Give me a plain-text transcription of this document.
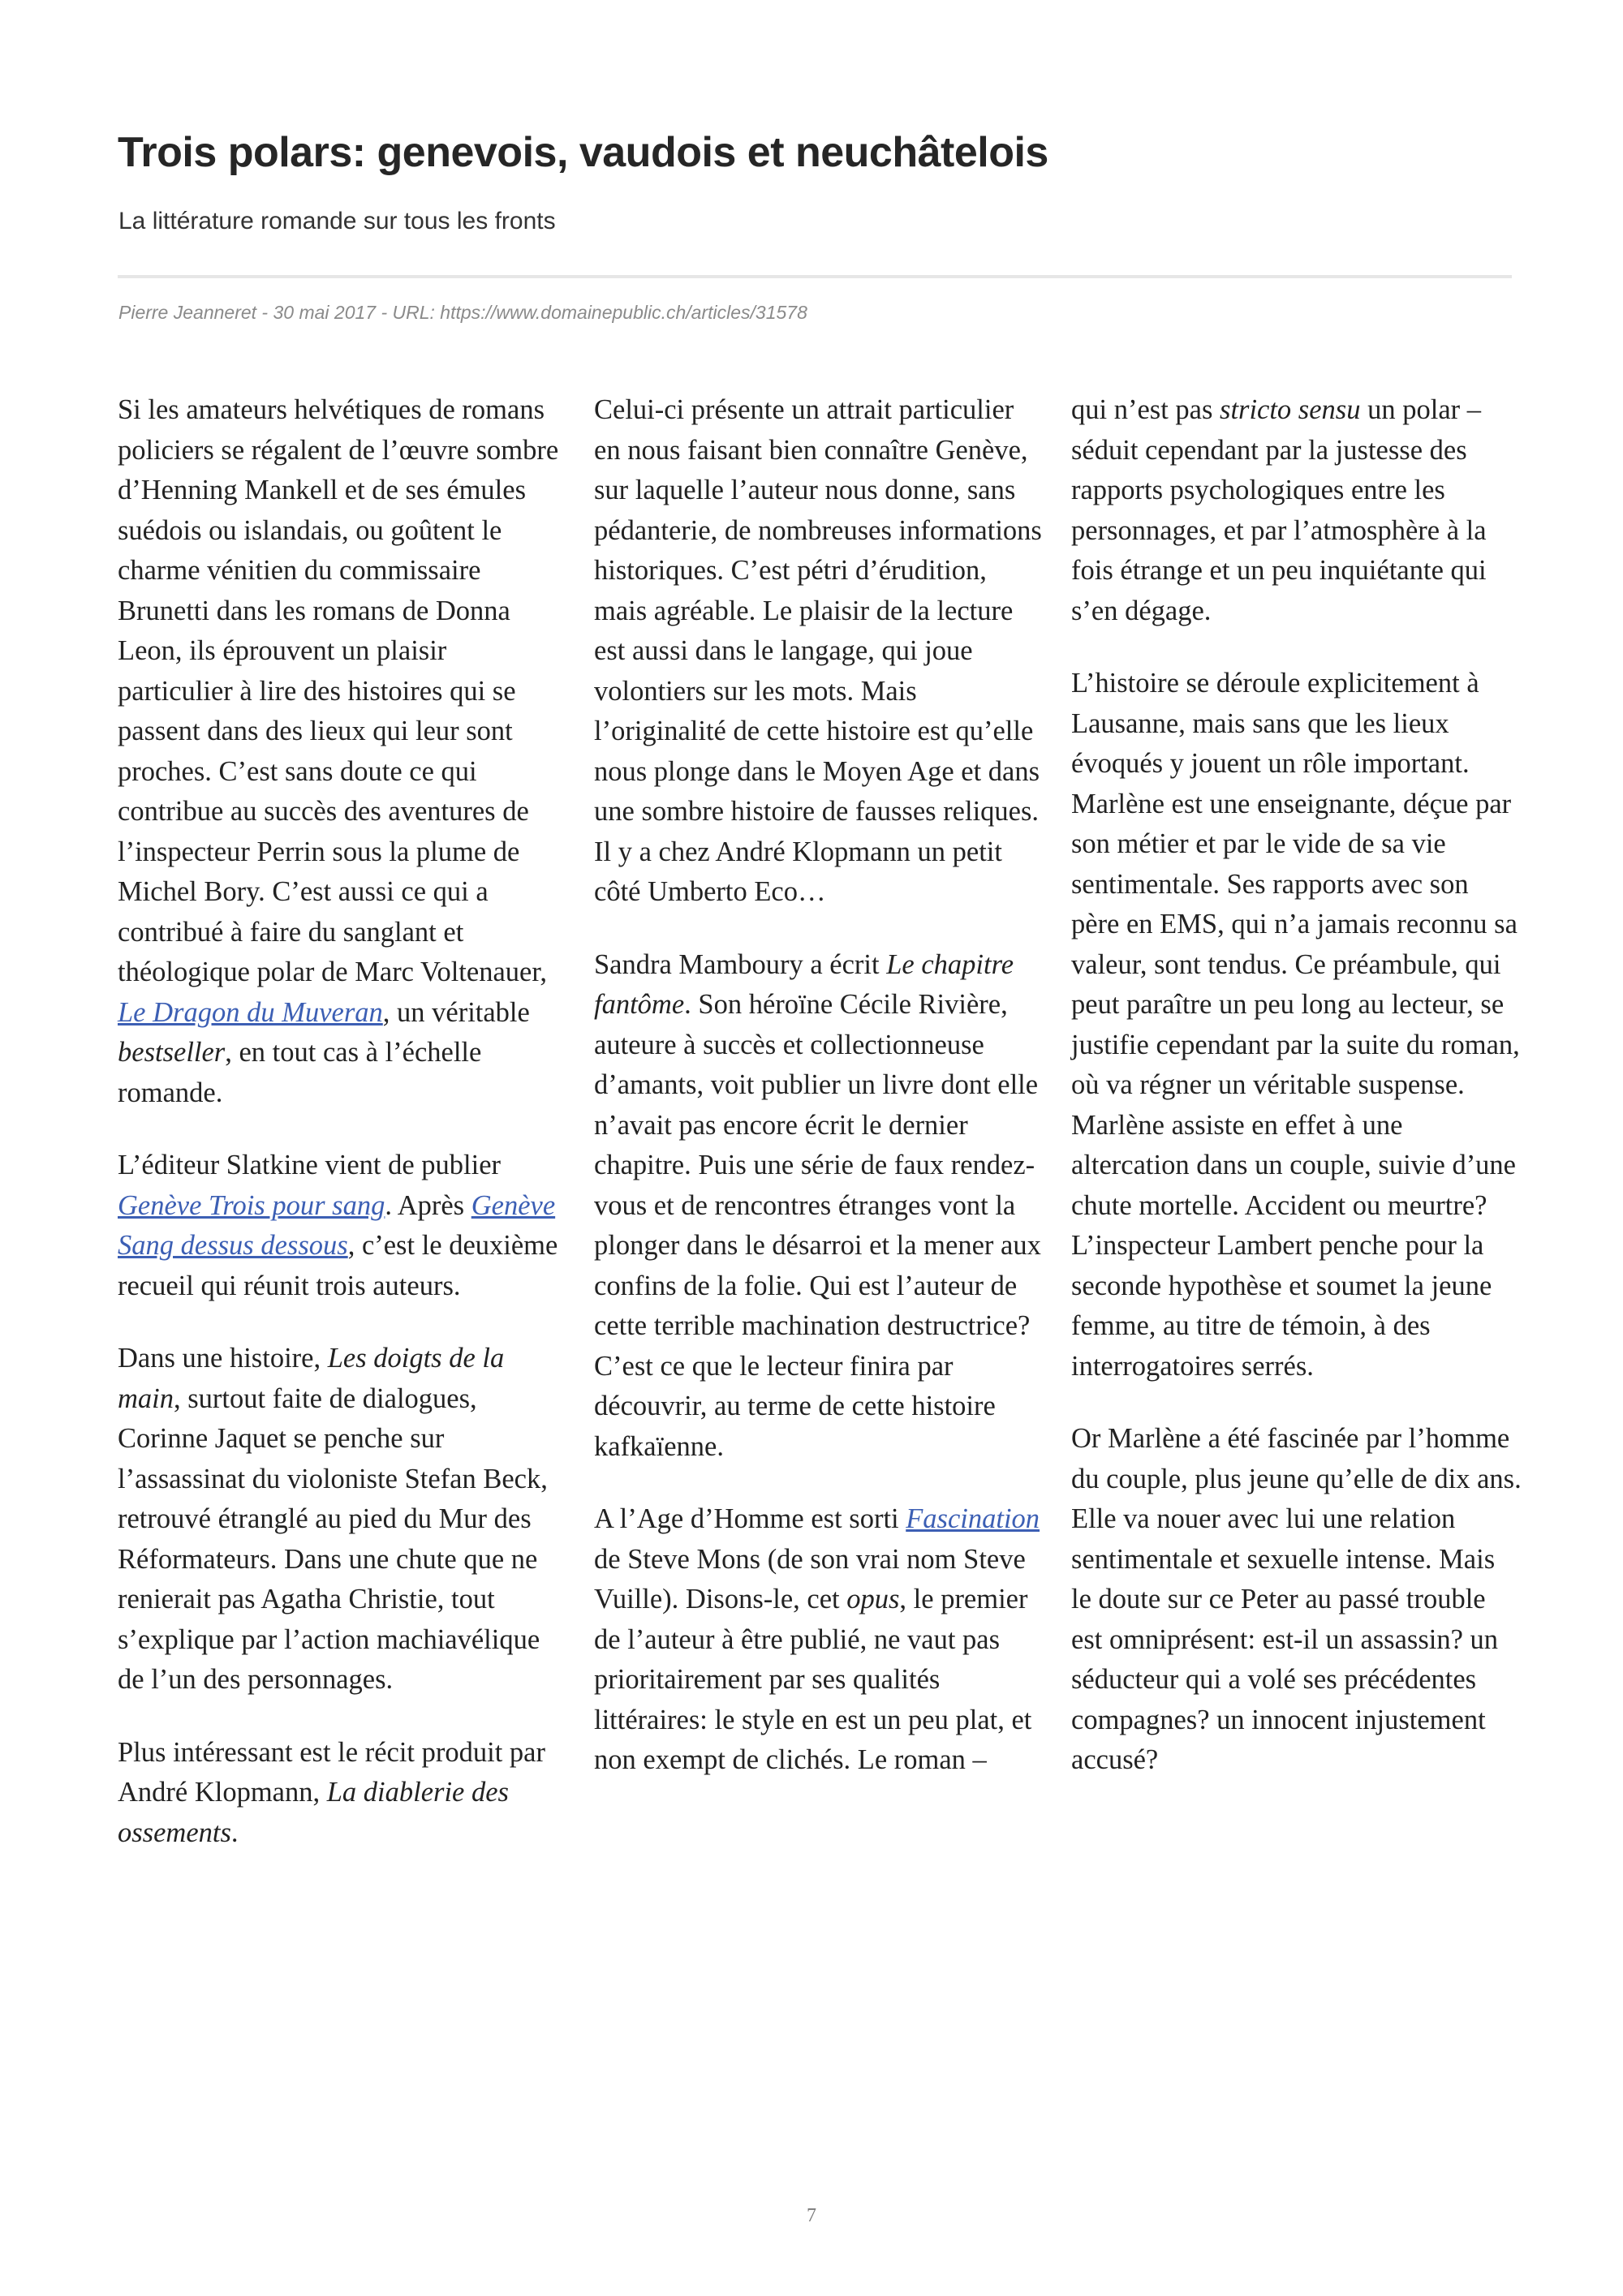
Trois polars: genevois, vaudois et neuchâtelois

La littérature romande sur tous les fronts

Pierre Jeanneret - 30 mai 2017 - URL: https://www.domainepublic.ch/articles/31578

Si les amateurs helvétiques de romans policiers se régalent de l’œuvre sombre d’Henning Mankell et de ses émules suédois ou islandais, ou goûtent le charme vénitien du commissaire Brunetti dans les romans de Donna Leon, ils éprouvent un plaisir particulier à lire des histoires qui se passent dans des lieux qui leur sont proches. C’est sans doute ce qui contribue au succès des aventures de l’inspecteur Perrin sous la plume de Michel Bory. C’est aussi ce qui a contribué à faire du sanglant et théologique polar de Marc Voltenauer, Le Dragon du Muveran, un véritable bestseller, en tout cas à l’échelle romande.

L’éditeur Slatkine vient de publier Genève Trois pour sang. Après Genève Sang dessus dessous, c’est le deuxième recueil qui réunit trois auteurs.

Dans une histoire, Les doigts de la main, surtout faite de dialogues, Corinne Jaquet se penche sur l’assassinat du violoniste Stefan Beck, retrouvé étranglé au pied du Mur des Réformateurs. Dans une chute que ne renierait pas Agatha Christie, tout s’explique par l’action machiavélique de l’un des personnages.

Plus intéressant est le récit produit par André Klopmann, La diablerie des ossements.

Celui-ci présente un attrait particulier en nous faisant bien connaître Genève, sur laquelle l’auteur nous donne, sans pédanterie, de nombreuses informations historiques. C’est pétri d’érudition, mais agréable. Le plaisir de la lecture est aussi dans le langage, qui joue volontiers sur les mots. Mais l’originalité de cette histoire est qu’elle nous plonge dans le Moyen Age et dans une sombre histoire de fausses reliques. Il y a chez André Klopmann un petit côté Umberto Eco…

Sandra Mamboury a écrit Le chapitre fantôme. Son héroïne Cécile Rivière, auteure à succès et collectionneuse d’amants, voit publier un livre dont elle n’avait pas encore écrit le dernier chapitre. Puis une série de faux rendez-vous et de rencontres étranges vont la plonger dans le désarroi et la mener aux confins de la folie. Qui est l’auteur de cette terrible machination destructrice? C’est ce que le lecteur finira par découvrir, au terme de cette histoire kafkaïenne.

A l’Age d’Homme est sorti Fascination de Steve Mons (de son vrai nom Steve Vuille). Disons-le, cet opus, le premier de l’auteur à être publié, ne vaut pas prioritairement par ses qualités littéraires: le style en est un peu plat, et non exempt de clichés. Le roman –

qui n’est pas stricto sensu un polar – séduit cependant par la justesse des rapports psychologiques entre les personnages, et par l’atmosphère à la fois étrange et un peu inquiétante qui s’en dégage.

L’histoire se déroule explicitement à Lausanne, mais sans que les lieux évoqués y jouent un rôle important. Marlène est une enseignante, déçue par son métier et par le vide de sa vie sentimentale. Ses rapports avec son père en EMS, qui n’a jamais reconnu sa valeur, sont tendus. Ce préambule, qui peut paraître un peu long au lecteur, se justifie cependant par la suite du roman, où va régner un véritable suspense. Marlène assiste en effet à une altercation dans un couple, suivie d’une chute mortelle. Accident ou meurtre? L’inspecteur Lambert penche pour la seconde hypothèse et soumet la jeune femme, au titre de témoin, à des interrogatoires serrés.

Or Marlène a été fascinée par l’homme du couple, plus jeune qu’elle de dix ans. Elle va nouer avec lui une relation sentimentale et sexuelle intense. Mais le doute sur ce Peter au passé trouble est omniprésent: est-il un assassin? un séducteur qui a volé ses précédentes compagnes? un innocent injustement accusé?

7
